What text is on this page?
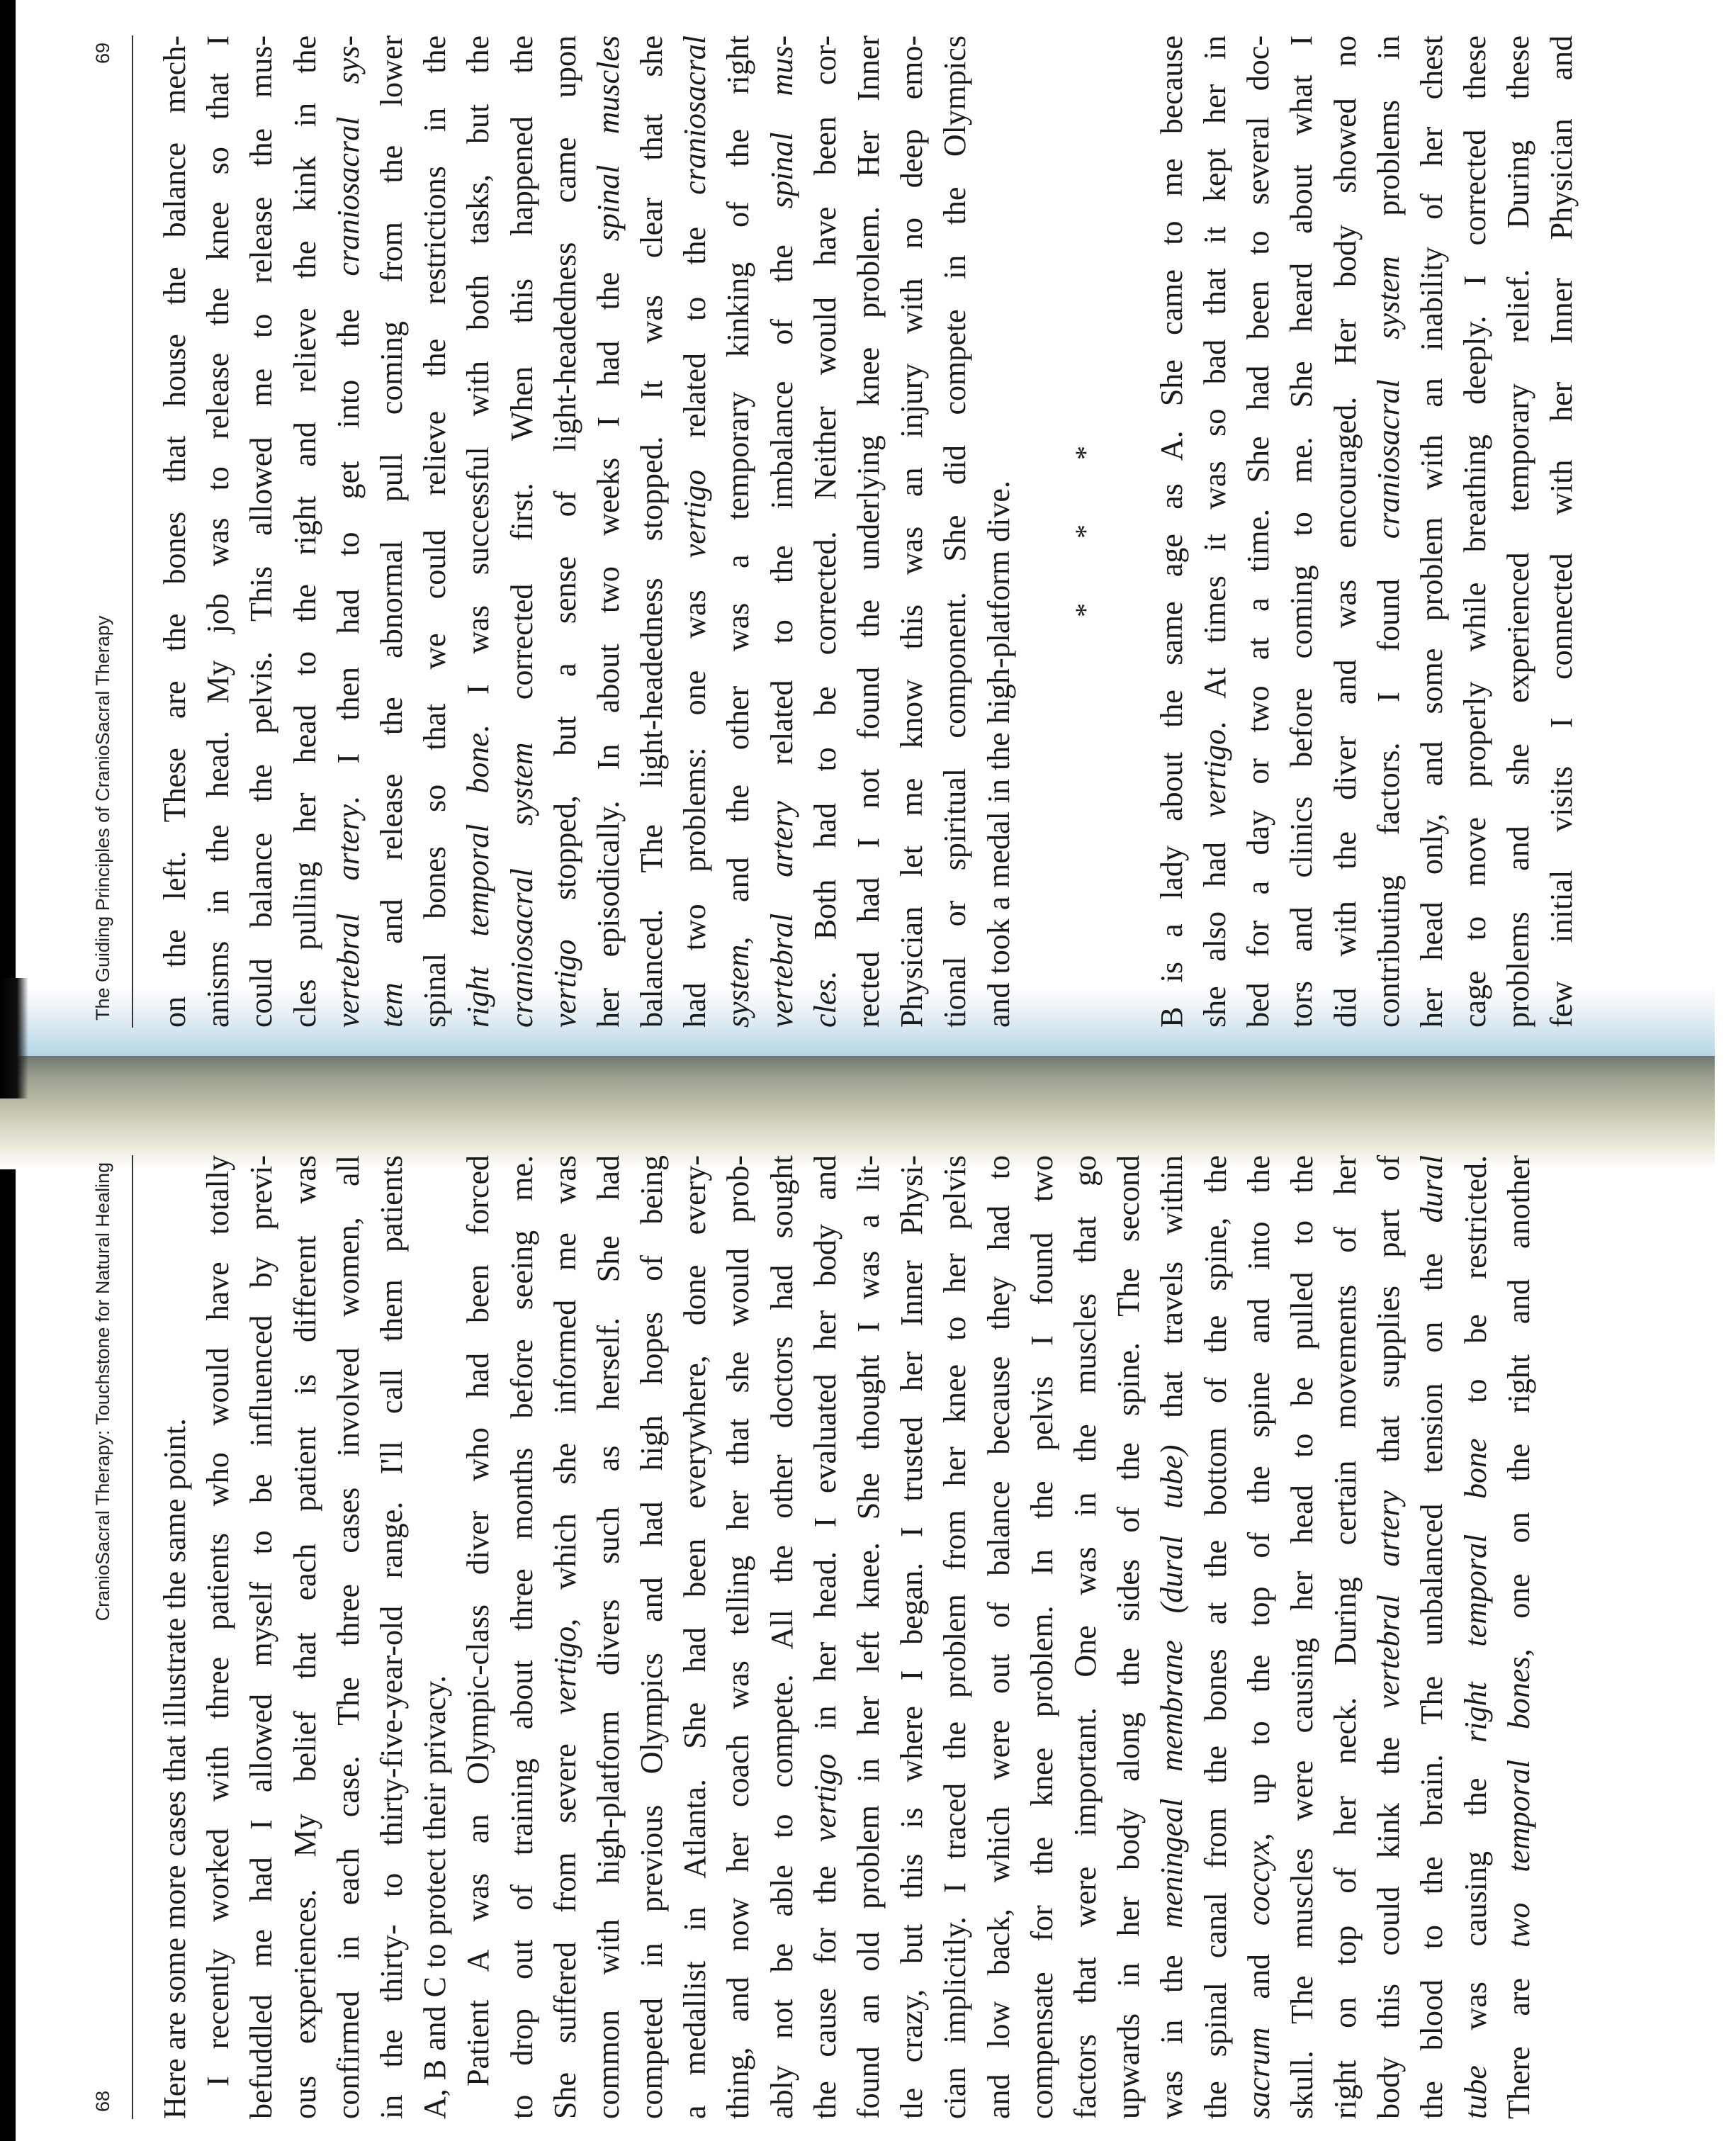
The Guiding Principles of CranioSacral Therapy
69 on the left. These are the bones that house the balance mech- anisms in the head. My job was to release the knee so that I could balance the pelvis. This allowed me to release the mus- cles pulling her head to the right and relieve the kink in the vertebral artery. I then had to get into the craniosacral sys-
tem and release the abnormal pull coming from the lower spinal bones so that we could relieve the restrictions in the right temporal bone. I was successful with both tasks, but the
craniosacral system corrected first. When this happened the
vertigo stopped, but a sense of light-headedness came upon her episodically. In about two weeks I had the spinal muscles balanced. The light-headedness stopped. It was clear that she had two problems: one was vertigo related to the craniosacral
system, and the other was a temporary kinking of the right vertebral artery related to the imbalance of the spinal mus-
cles. Both had to be corrected. Neither would have been cor- rected had I not found the underlying knee problem. Her Inner Physician let me know this was an injury with no deep emo- tional or spiritual component. She did compete in the Olympics and took a medal in the high-platform dive.	* * *	B is a lady about the same age as A. She came to me because she also had vertigo. At times it was so bad that it kept her in bed for a day or two at a time. She had been to several doc- tors and clinics before coming to me. She heard about what I did with the diver and was encouraged. Her body showed no contributing factors. I found craniosacral system problems in her head only, and some problem with an inability of her chest cage to move properly while breathing deeply. I corrected these problems and she experienced temporary relief. During these few initial visits I connected with her Inner Physician and
68
CranioSacral Therapy: Touchstone for Natural Healing
Here are some more cases that illustrate the same point. I recently worked with three patients who would have totally befuddled me had I allowed myself to be influenced by previ- ous experiences. My belief that each patient is different was confirmed in each case. The three cases involved women, all in the thirty- to thirty-five-year-old range. I'll call them patients A, B and C to protect their privacy. Patient A was an Olympic-class diver who had been forced to drop out of training about three months before seeing me. She suffered from severe vertigo, which she informed me was common with high-platform divers such as herself. She had competed in previous Olympics and had high hopes of being a medallist in Atlanta. She had been everywhere, done every- thing, and now her coach was telling her that she would prob- ably not be able to compete. All the other doctors had sought the cause for the vertigo in her head. I evaluated her body and found an old problem in her left knee. She thought I was a lit- tle crazy, but this is where I began. I trusted her Inner Physi- cian implicitly. I traced the problem from her knee to her pelvis and low back, which were out of balance because they had to compensate for the knee problem. In the pelvis I found two factors that were important. One was in the muscles that go upwards in her body along the sides of the spine. The second was in the meningeal membrane (dural tube) that travels within the spinal canal from the bones at the bottom of the spine, the sacrum and coccyx, up to the top of the spine and into the skull. The muscles were causing her head to be pulled to the right on top of her neck. During certain movements of her body this could kink the vertebral artery that supplies part of the blood to the brain. The unbalanced tension on the dural
tube was causing the right temporal bone to be restricted.
There are two temporal bones, one on the right and another
